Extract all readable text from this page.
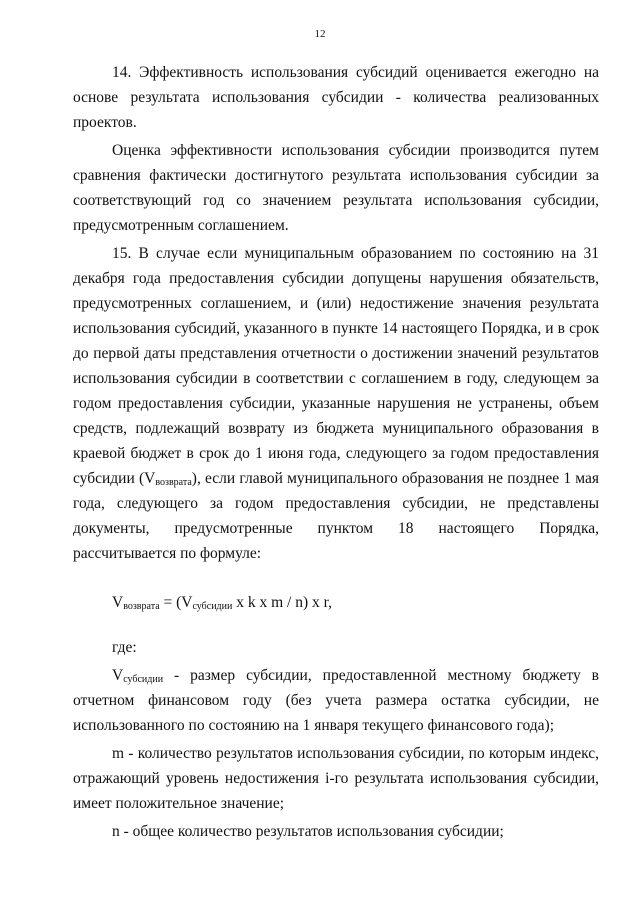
12

14. Эффективность использования субсидий оценивается ежегодно на основе результата использования субсидии - количества реализованных проектов.

Оценка эффективности использования субсидии производится путем сравнения фактически достигнутого результата использования субсидии за соответствующий год со значением результата использования субсидии, предусмотренным соглашением.

15. В случае если муниципальным образованием по состоянию на 31 декабря года предоставления субсидии допущены нарушения обязательств, предусмотренных соглашением, и (или) недостижение значения результата использования субсидий, указанного в пункте 14 настоящего Порядка, и в срок до первой даты представления отчетности о достижении значений результатов использования субсидии в соответствии с соглашением в году, следующем за годом предоставления субсидии, указанные нарушения не устранены, объем средств, подлежащий возврату из бюджета муниципального образования в краевой бюджет в срок до 1 июня года, следующего за годом предоставления субсидии $(V_{возврата})$, если главой муниципального образования не позднее 1 мая года, следующего за годом предоставления субсидии, не представлены документы, предусмотренные пунктом 18 настоящего Порядка, рассчитывается по формуле:

$V_{возврата} = (V_{субсидии}$ x k x m / n) x r,

где:

$V_{субсидии}$ - размер субсидии, предоставленной местному бюджету в отчетном финансовом году (без учета размера остатка субсидии, не использованного по состоянию на 1 января текущего финансового года);

m - количество результатов использования субсидии, по которым индекс, отражающий уровень недостижения i-го результата использования субсидии, имеет положительное значение;

n - общее количество результатов использования субсидии;
